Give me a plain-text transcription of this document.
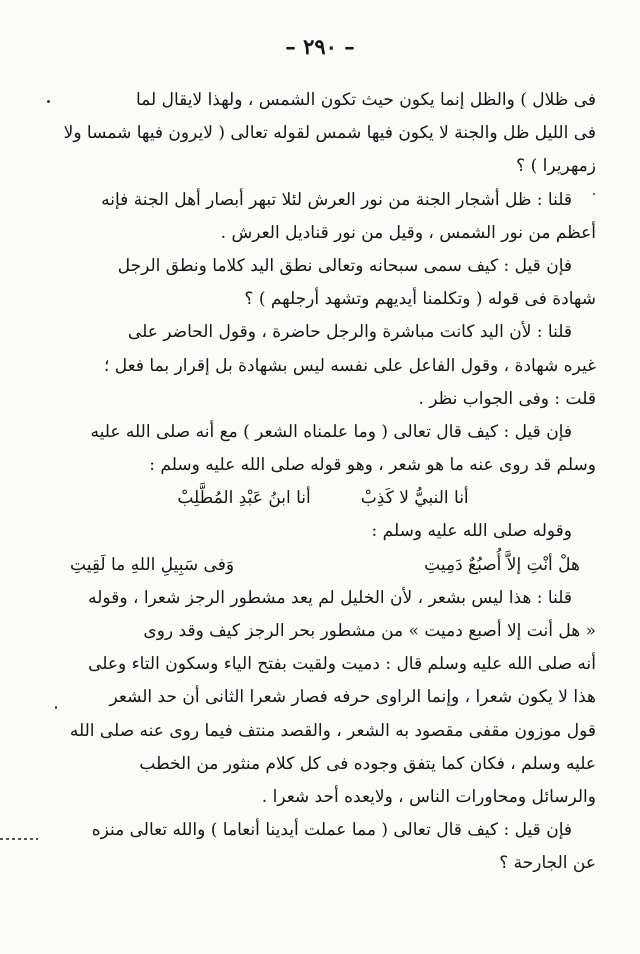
– ٢٩٠ –
فى ظلال ) والظل إنما يكون حيث تكون الشمس ، ولهذا لايقال لما
فى الليل ظل والجنة لا يكون فيها شمس لقوله تعالى ( لايرون فيها شمسا ولا
زمهريرا ) ؟
قلنا : ظل أشجار الجنة من نور العرش لئلا تبهر أبصار أهل الجنة فإنه
أعظم من نور الشمس ، وقيل من نور قناديل العرش .
فإن قيل : كيف سمى سبحانه وتعالى نطق اليد كلاما ونطق الرجل
شهادة فى قوله ( وتكلمنا أيديهم وتشهد أرجلهم ) ؟
قلنا : لأن اليد كانت مباشرة والرجل حاضرة ، وقول الحاضر على
غيره شهادة ، وقول الفاعل على نفسه ليس بشهادة بل إقرار بما فعل ؛
قلت : وفى الجواب نظر .
فإن قيل : كيف قال تعالى ( وما علمناه الشعر ) مع أنه صلى الله عليه
وسلم قد روى عنه ما هو شعر ، وهو قوله صلى الله عليه وسلم :
أنا النبيُّ لا كَذِبْ
أنا ابنُ عَبْدِ المُطَّلِبْ
وقوله صلى الله عليه وسلم :
هلْ أنْتِ إلاَّ أُصبُعٌ دَمِيتِ
وَفى سَبِيلِ اللهِ ما لَقِيتِ
قلنا : هذا ليس بشعر ، لأن الخليل لم يعد مشطور الرجز شعرا ، وقوله
« هل أنت إلا أصبع دميت » من مشطور بحر الرجز كيف وقد روى
أنه صلى الله عليه وسلم قال : دميت ولقيت بفتح الياء وسكون التاء وعلى
هذا لا يكون شعرا ، وإنما الراوى حرفه فصار شعرا الثانى أن حد الشعر
قول موزون مقفى مقصود به الشعر ، والقصد منتف فيما روى عنه صلى الله
عليه وسلم ، فكان كما يتفق وجوده فى كل كلام منثور من الخطب
والرسائل ومحاورات الناس ، ولايعده أحد شعرا .
فإن قيل : كيف قال تعالى ( مما عملت أيدينا أنعاما ) والله تعالى منزه
عن الجارحة ؟
